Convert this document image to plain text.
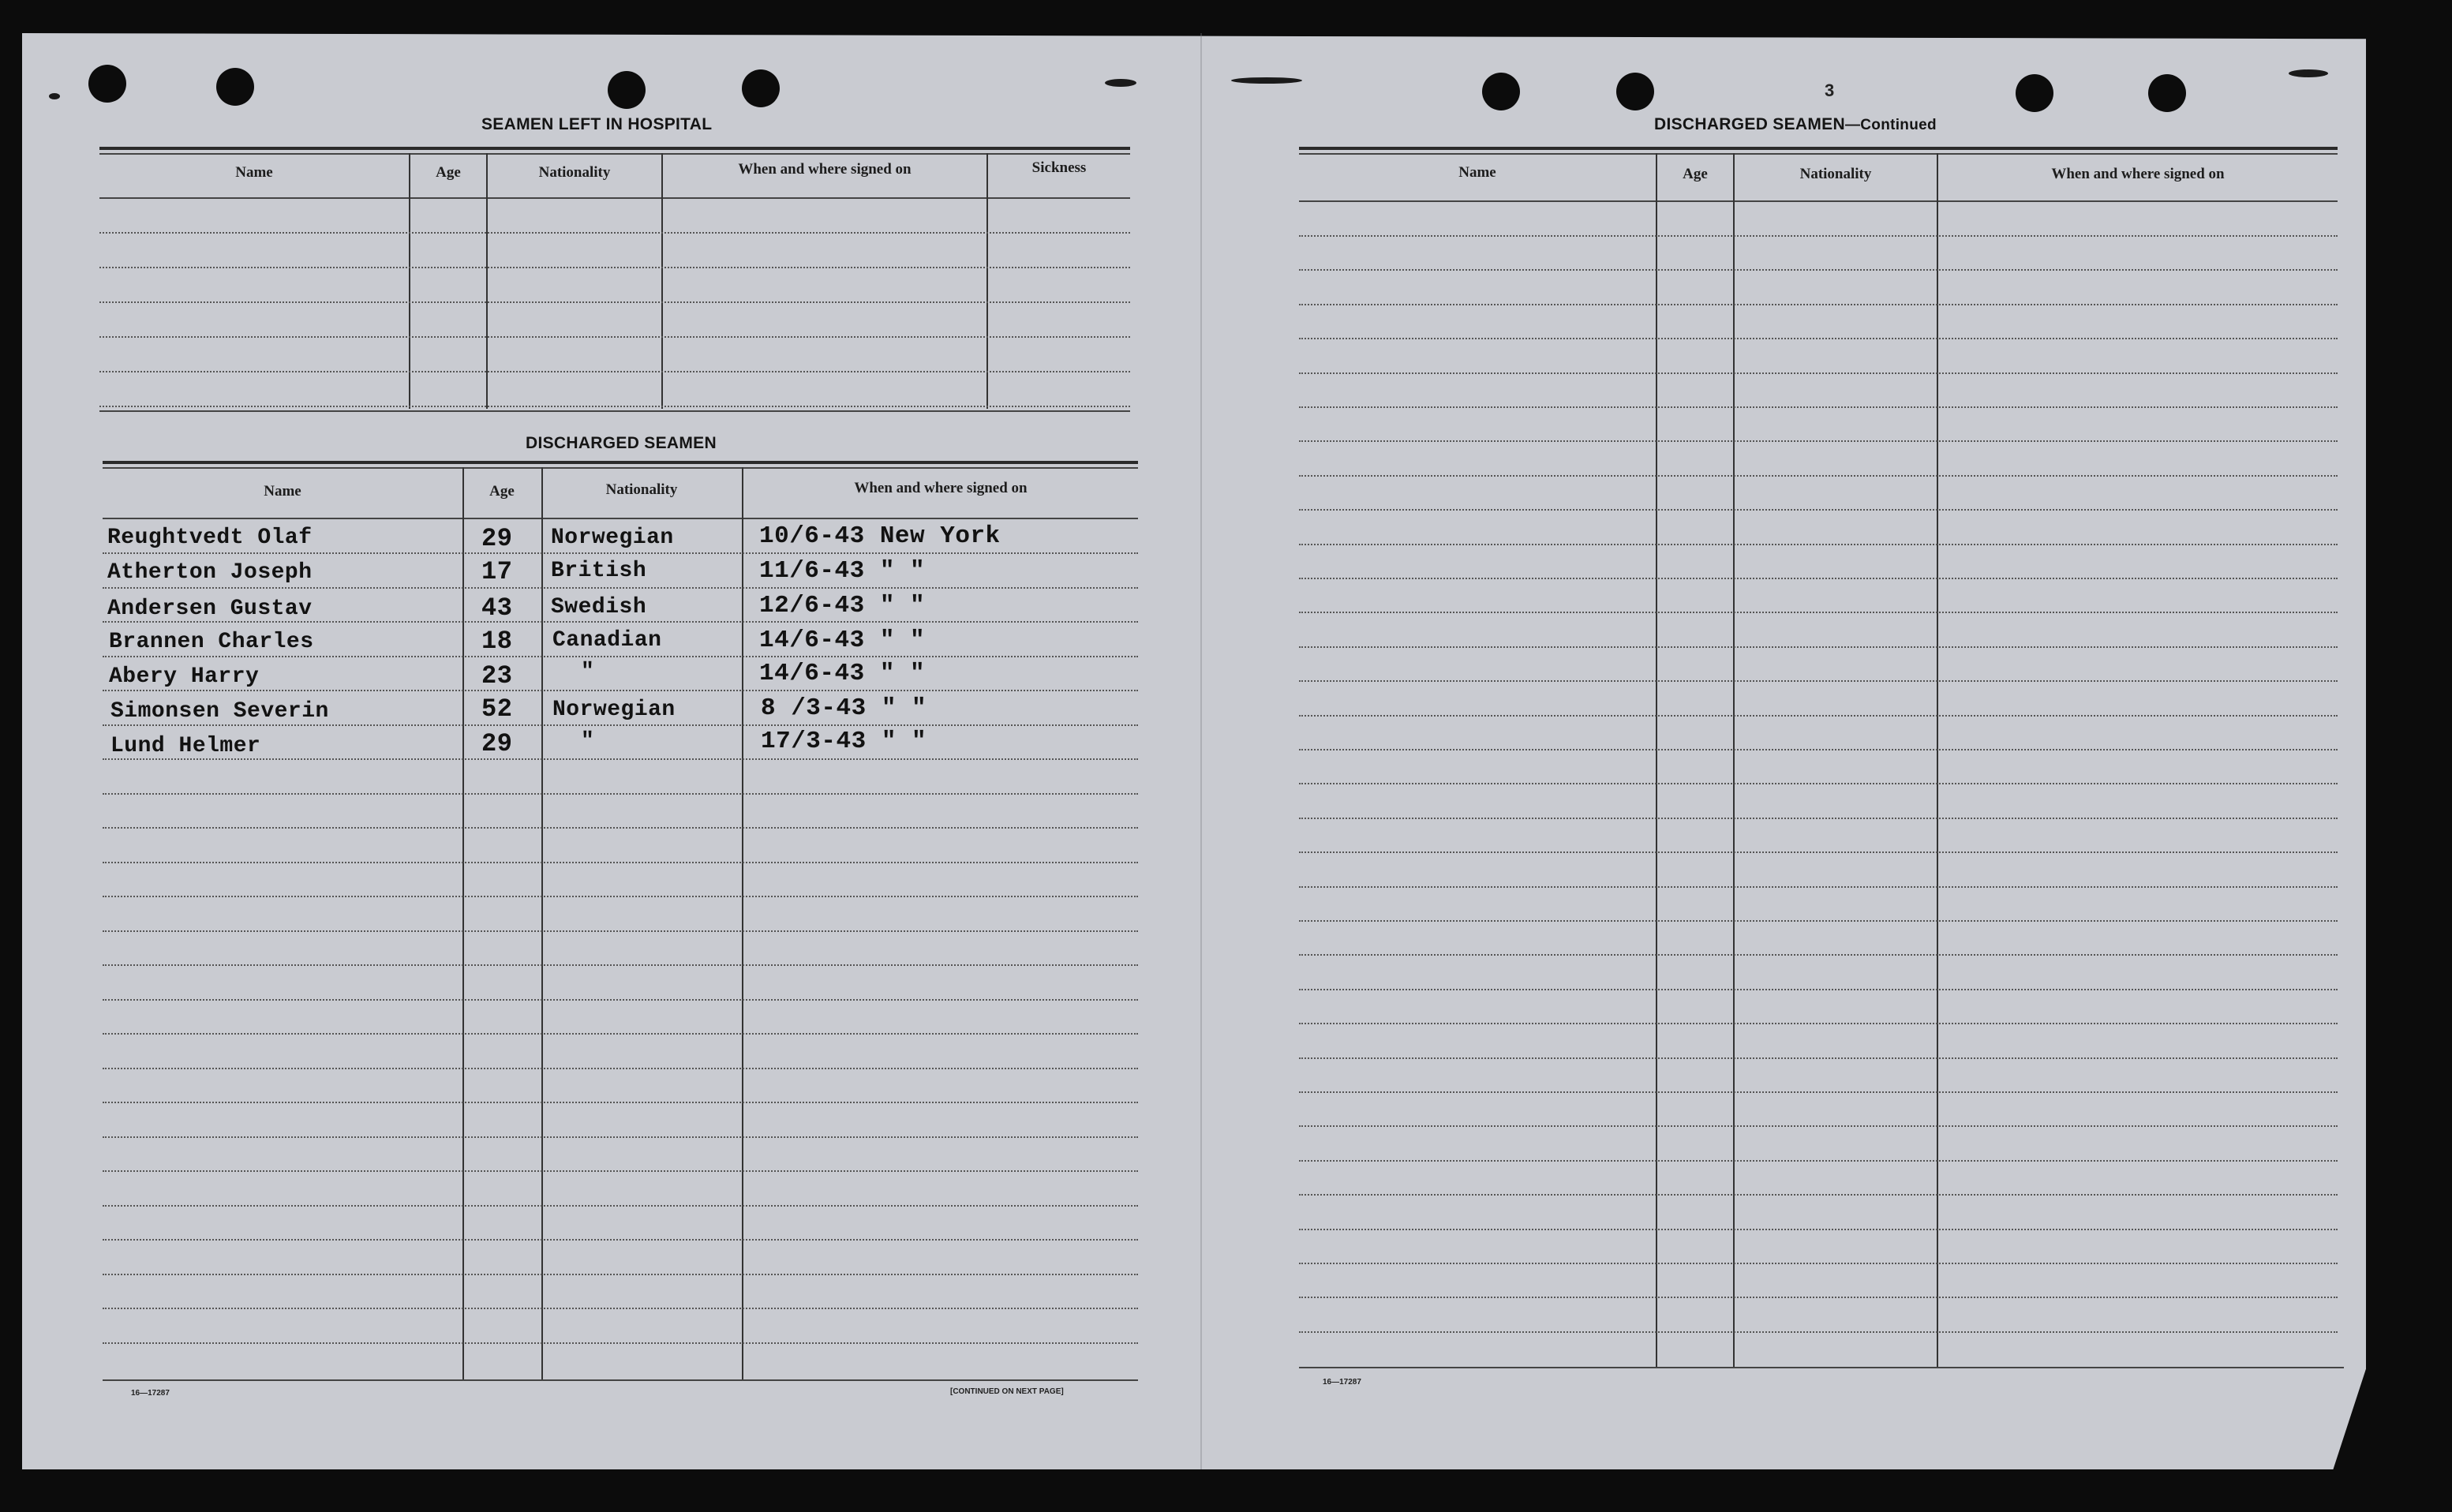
SEAMEN LEFT IN HOSPITAL
Name	Age	Nationality	When and where signed on	Sickness
DISCHARGED SEAMEN
Name	Age	Nationality	When and where signed on
Reughtvedt Olaf	29 Norwegian	10/6-43 New York
Atherton Joseph	17 British	11/6-43 " "
Andersen Gustav	43 Swedish	12/6-43 " "
Brannen Charles	18 Canadian	14/6-43 " "
Abery Harry	23	"	14/6-43 " "
Simonsen Severin	52 Norwegian	8 /3-43 " "
Lund Helmer	29	"	17/3-43 " "
16—17287	[CONTINUED ON NEXT PAGE]
3
DISCHARGED SEAMEN—Continued
Name	Age	Nationality	When and where signed on
16—17287
